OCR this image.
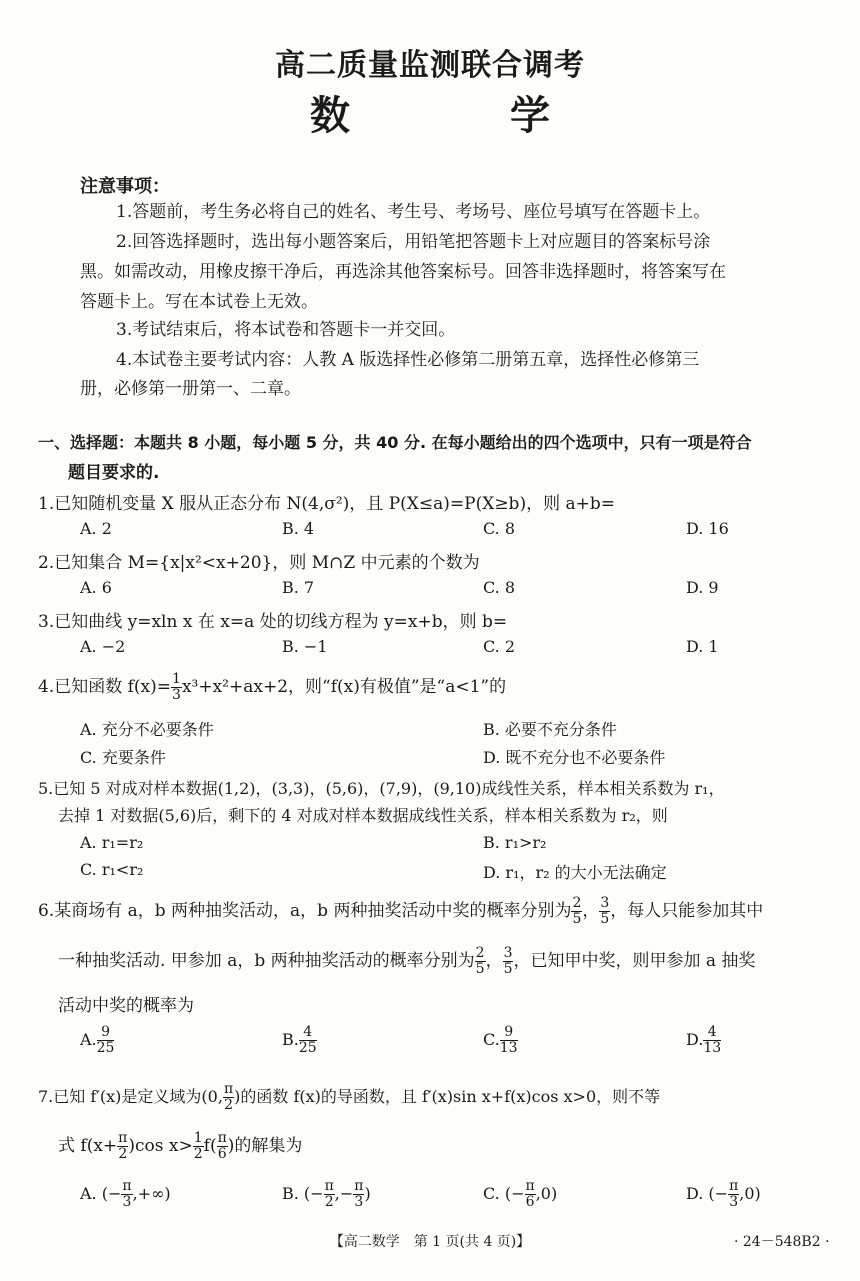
高二质量监测联合调考
数　学
注意事项：
1.答题前，考生务必将自己的姓名、考生号、考场号、座位号填写在答题卡上。
2.回答选择题时，选出每小题答案后，用铅笔把答题卡上对应题目的答案标号涂
黑。如需改动，用橡皮擦干净后，再选涂其他答案标号。回答非选择题时，将答案写在
答题卡上。写在本试卷上无效。
3.考试结束后，将本试卷和答题卡一并交回。
4.本试卷主要考试内容：人教 A 版选择性必修第二册第五章，选择性必修第三
册，必修第一册第一、二章。
一、选择题：本题共 8 小题，每小题 5 分，共 40 分. 在每小题给出的四个选项中，只有一项是符合
题目要求的.
1.已知随机变量 X 服从正态分布 N(4,σ²)，且 P(X≤a)=P(X≥b)，则 a+b=
A. 2	B. 4	C. 8	D. 16
2.已知集合 M={x|x²<x+20}，则 M∩Z 中元素的个数为
A. 6	B. 7	C. 8	D. 9
3.已知曲线 y=xln x 在 x=a 处的切线方程为 y=x+b，则 b=
A. −2	B. −1	C. 2	D. 1
4.已知函数 $f(x)= \frac{1}{3} x^3+x^2+ax+2$，则“f(x)有极值”是“a<1”的
A. 充分不必要条件	B. 必要不充分条件
C. 充要条件	D. 既不充分也不必要条件
5.已知 5 对成对样本数据(1,2)，(3,3)，(5,6)，(7,9)，(9,10)成线性关系，样本相关系数为 r₁，
去掉 1 对数据(5,6)后，剩下的 4 对成对样本数据成线性关系，样本相关系数为 r₂，则
A. r₁=r₂	B. r₁>r₂
C. r₁<r₂	D. r₁，r₂ 的大小无法确定
6.某商场有 a，b 两种抽奖活动，a，b 两种抽奖活动中奖的概率分别为 $\frac{2}{5}$ ， $\frac{3}{5}$ ，每人只能参加其中
一种抽奖活动. 甲参加 a，b 两种抽奖活动的概率分别为 $\frac{2}{5}$ ， $\frac{3}{5}$ ，已知甲中奖，则甲参加 a 抽奖
活动中奖的概率为
A. $\frac{9}{25}$	B. $\frac{4}{25}$	C. $\frac{9}{13}$	D. $\frac{4}{13}$
7.已知 f′(x)是定义域为(0, $\frac{\pi}{2}$ )的函数 f(x)的导函数，且 f′(x)sin x+f(x)cos x>0，则不等
式 $f(x+ \frac{\pi}{2} )\cos$ $x> \frac{1}{2} f( \frac{\pi}{6}$ )的解集为
A. (− $\frac{\pi}{3}$ ,+∞)	B. (− $\frac{\pi}{2}$ ,− $\frac{\pi}{3}$ )	C. (− $\frac{\pi}{6} ,0$)	D. (− $\frac{\pi}{3} ,0$)
【高二数学　第 1 页(共 4 页)】	· 24－548B2 ·
